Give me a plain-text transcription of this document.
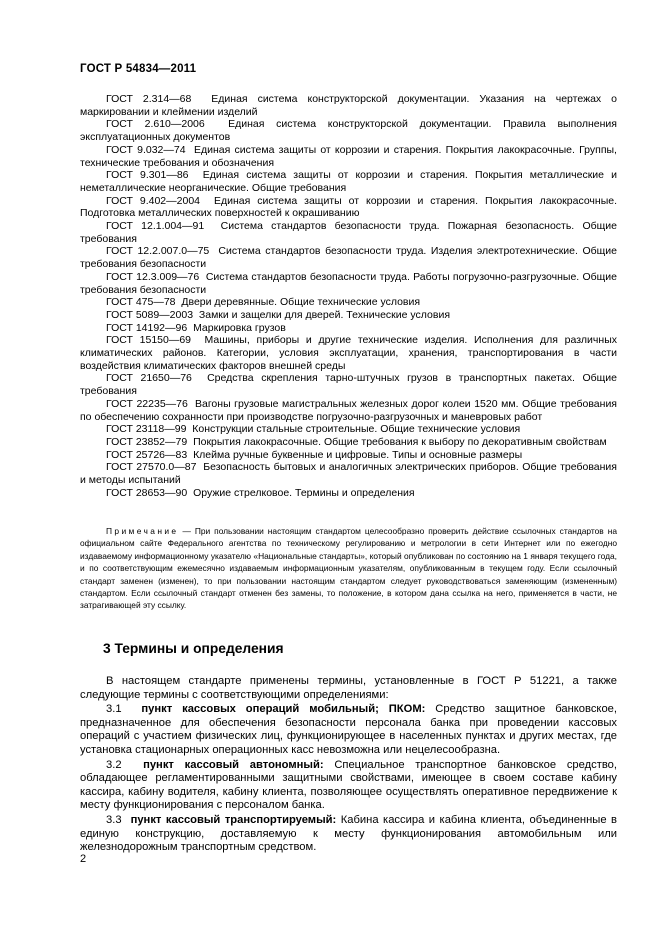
ГОСТ Р 54834—2011

ГОСТ 2.314—68 Единая система конструкторской документации. Указания на чертежах о маркировании и клеймении изделий

ГОСТ 2.610—2006 Единая система конструкторской документации. Правила выполнения эксплуатационных документов

ГОСТ 9.032—74 Единая система защиты от коррозии и старения. Покрытия лакокрасочные. Группы, технические требования и обозначения

ГОСТ 9.301—86 Единая система защиты от коррозии и старения. Покрытия металлические и неметаллические неорганические. Общие требования

ГОСТ 9.402—2004 Единая система защиты от коррозии и старения. Покрытия лакокрасочные. Подготовка металлических поверхностей к окрашиванию

ГОСТ 12.1.004—91 Система стандартов безопасности труда. Пожарная безопасность. Общие требования

ГОСТ 12.2.007.0—75 Система стандартов безопасности труда. Изделия электротехнические. Общие требования безопасности

ГОСТ 12.3.009—76 Система стандартов безопасности труда. Работы погрузочно-разгрузочные. Общие требования безопасности

ГОСТ 475—78 Двери деревянные. Общие технические условия

ГОСТ 5089—2003 Замки и защелки для дверей. Технические условия

ГОСТ 14192—96 Маркировка грузов

ГОСТ 15150—69 Машины, приборы и другие технические изделия. Исполнения для различных климатических районов. Категории, условия эксплуатации, хранения, транспортирования в части воздействия климатических факторов внешней среды

ГОСТ 21650—76 Средства скрепления тарно-штучных грузов в транспортных пакетах. Общие требования

ГОСТ 22235—76 Вагоны грузовые магистральных железных дорог колеи 1520 мм. Общие требования по обеспечению сохранности при производстве погрузочно-разгрузочных и маневровых работ

ГОСТ 23118—99 Конструкции стальные строительные. Общие технические условия

ГОСТ 23852—79 Покрытия лакокрасочные. Общие требования к выбору по декоративным свойствам

ГОСТ 25726—83 Клейма ручные буквенные и цифровые. Типы и основные размеры

ГОСТ 27570.0—87 Безопасность бытовых и аналогичных электрических приборов. Общие требования и методы испытаний

ГОСТ 28653—90 Оружие стрелковое. Термины и определения

Примечание — При пользовании настоящим стандартом целесообразно проверить действие ссылочных стандартов на официальном сайте Федерального агентства по техническому регулированию и метрологии в сети Интернет или по ежегодно издаваемому информационному указателю «Национальные стандарты», который опубликован по состоянию на 1 января текущего года, и по соответствующим ежемесячно издаваемым информационным указателям, опубликованным в текущем году. Если ссылочный стандарт заменен (изменен), то при пользовании настоящим стандартом следует руководствоваться заменяющим (измененным) стандартом. Если ссылочный стандарт отменен без замены, то положение, в котором дана ссылка на него, применяется в части, не затрагивающей эту ссылку.

3 Термины и определения

В настоящем стандарте применены термины, установленные в ГОСТ Р 51221, а также следующие термины с соответствующими определениями:

3.1 пункт кассовых операций мобильный; ПКОМ: Средство защитное банковское, предназначенное для обеспечения безопасности персонала банка при проведении кассовых операций с участием физических лиц, функционирующее в населенных пунктах и других местах, где установка стационарных операционных касс невозможна или нецелесообразна.

3.2 пункт кассовый автономный: Специальное транспортное банковское средство, обладающее регламентированными защитными свойствами, имеющее в своем составе кабину кассира, кабину водителя, кабину клиента, позволяющее осуществлять оперативное передвижение к месту функционирования с персоналом банка.

3.3 пункт кассовый транспортируемый: Кабина кассира и кабина клиента, объединенные в единую конструкцию, доставляемую к месту функционирования автомобильным или железнодорожным транспортным средством.

2
